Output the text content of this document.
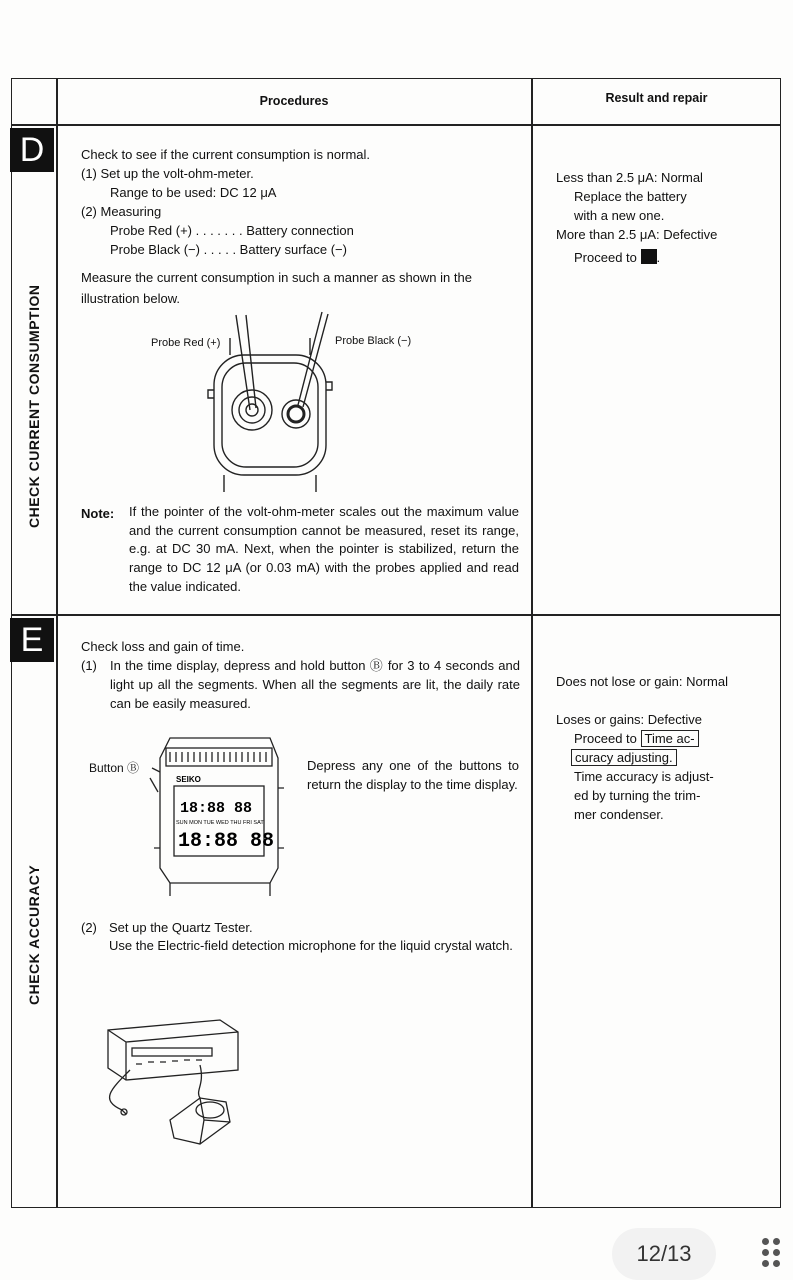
Procedures	Result and repair
D
CHECK CURRENT CONSUMPTION
Check to see if the current consumption is normal.
(1) Set up the volt-ohm-meter.
Range to be used: DC 12 μA
(2) Measuring
Probe Red (+) . . . . . . . Battery connection
Probe Black (−) . . . . . Battery surface (−)
Measure the current consumption in such a manner as shown in the
illustration below.
Probe Red (+)	Probe Black (−)
Note: If the pointer of the volt-ohm-meter scales out the maximum value and the current consumption cannot be measured, reset its range, e.g. at DC 30 mA. Next, when the pointer is stabilized, return the range to DC 12 μA (or 0.03 mA) with the probes applied and read the value indicated.
Less than 2.5 μA: Normal
Replace the battery
with a new one.
More than 2.5 μA: Defective
Proceed to .
E
CHECK ACCURACY
Check loss and gain of time.
(1) In the time display, depress and hold button Ⓑ for 3 to 4 seconds and light up all the segments. When all the segments are lit, the daily rate can be easily measured.
Button Ⓑ
SEIKO
18:88 88
SUN MON TUE WED THU FRI SAT
18:88 88
Depress any one of the buttons to return the display to the time display.
(2) Set up the Quartz Tester.
Use the Electric-field detection microphone for the liquid crystal watch.
Does not lose or gain: Normal
Loses or gains: Defective
Proceed to Time ac-
curacy adjusting.
Time accuracy is adjust-
ed by turning the trim-
mer condenser.
12/13
